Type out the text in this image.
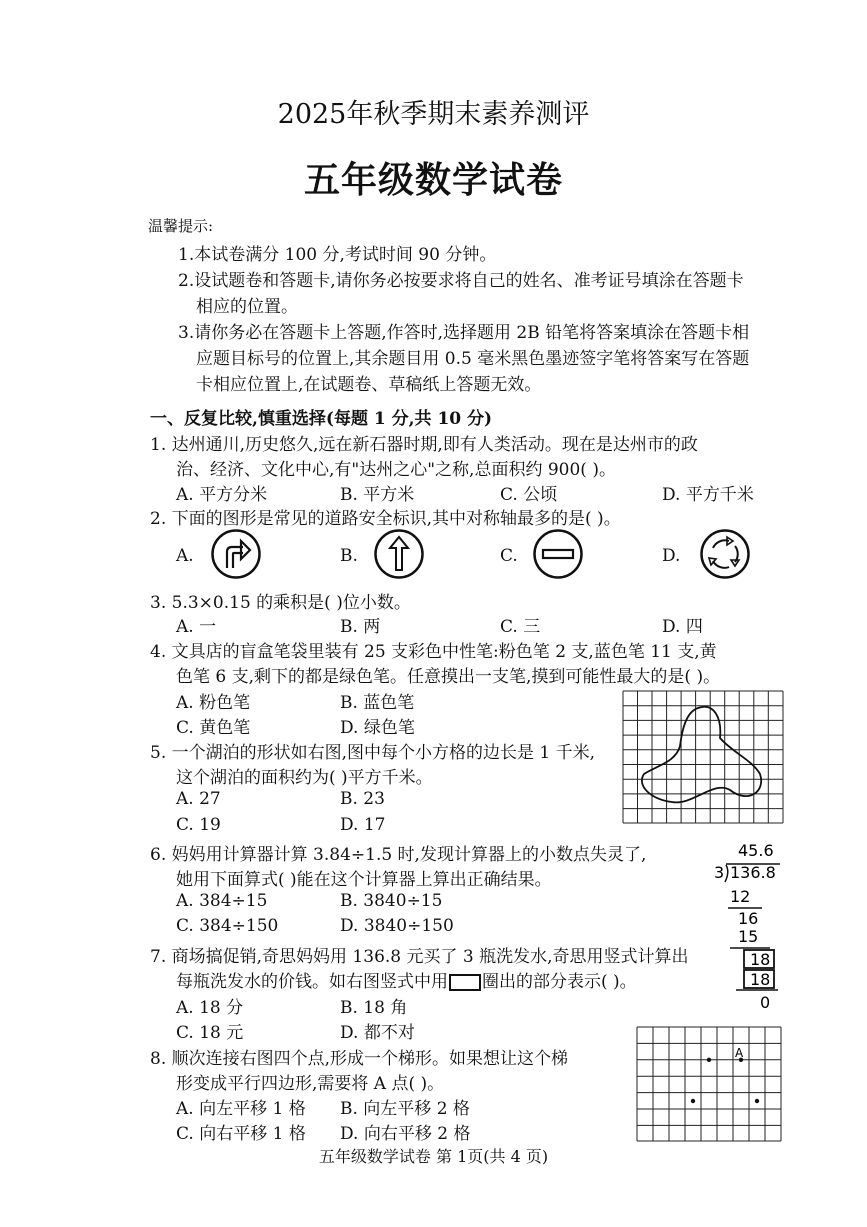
2025年秋季期末素养测评
五年级数学试卷
温馨提示:
1.本试卷满分 100 分,考试时间 90 分钟。
2.设试题卷和答题卡,请你务必按要求将自己的姓名、准考证号填涂在答题卡
相应的位置。
3.请你务必在答题卡上答题,作答时,选择题用 2B 铅笔将答案填涂在答题卡相
应题目标号的位置上,其余题目用 0.5 毫米黑色墨迹签字笔将答案写在答题
卡相应位置上,在试题卷、草稿纸上答题无效。
一、反复比较,慎重选择(每题 1 分,共 10 分)
1. 达州通川,历史悠久,远在新石器时期,即有人类活动。现在是达州市的政
治、经济、文化中心,有"达州之心"之称,总面积约 900( )。
A. 平方分米	B. 平方米	C. 公顷	D. 平方千米
2. 下面的图形是常见的道路安全标识,其中对称轴最多的是( )。
A.	B.	C.	D.
3. 5.3×0.15 的乘积是( )位小数。
A. 一	B. 两	C. 三	D. 四
4. 文具店的盲盒笔袋里装有 25 支彩色中性笔:粉色笔 2 支,蓝色笔 11 支,黄
色笔 6 支,剩下的都是绿色笔。任意摸出一支笔,摸到可能性最大的是( )。
A. 粉色笔	B. 蓝色笔
C. 黄色笔	D. 绿色笔
5. 一个湖泊的形状如右图,图中每个小方格的边长是 1 千米,
这个湖泊的面积约为( )平方千米。
A. 27	B. 23
C. 19	D. 17
45.6
3 136.8
12
16
15
18
18
0
6. 妈妈用计算器计算 3.84÷1.5 时,发现计算器上的小数点失灵了,
她用下面算式( )能在这个计算器上算出正确结果。
A. 384÷15	B. 3840÷15
C. 384÷150	D. 3840÷150
7. 商场搞促销,奇思妈妈用 136.8 元买了 3 瓶洗发水,奇思用竖式计算出
每瓶洗发水的价钱。如右图竖式中用 圈出的部分表示( )。
A. 18 分	B. 18 角
C. 18 元	D. 都不对
A
8. 顺次连接右图四个点,形成一个梯形。如果想让这个梯
形变成平行四边形,需要将 A 点( )。
A. 向左平移 1 格 B. 向左平移 2 格
C. 向右平移 1 格 D. 向右平移 2 格
五年级数学试卷 第 1页(共 4 页)
